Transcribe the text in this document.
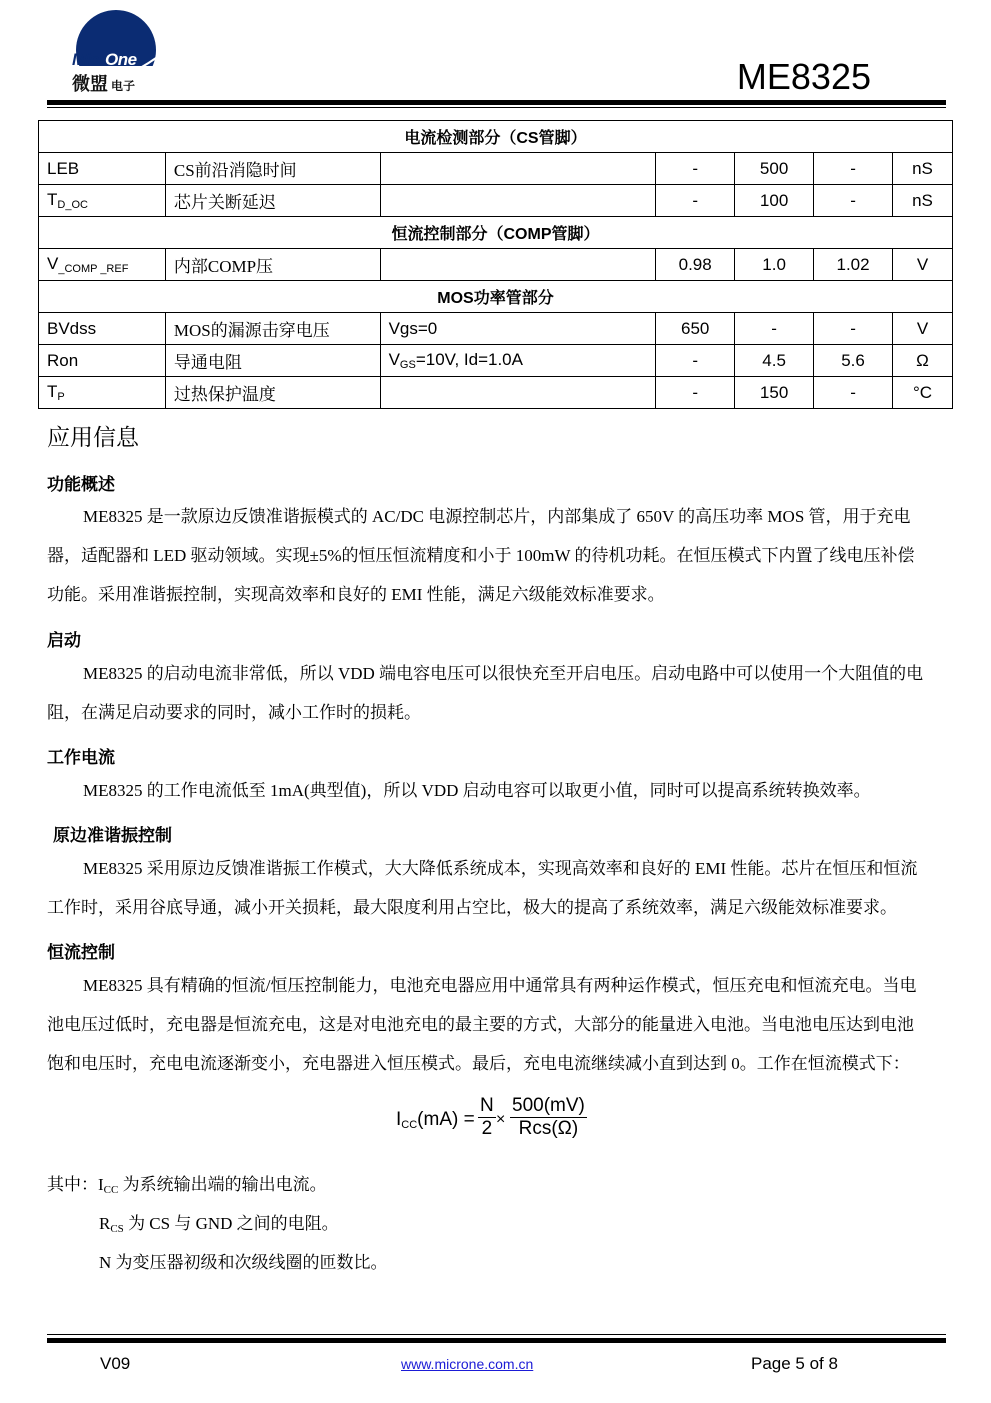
MicrOne
微盟 电子	ME8325
电流检测部分（CS管脚）						
LEB	CS前沿消隐时间		-	500	-	nS
$T_{D\_OC}$	芯片关断延迟		-	100	-	nS
恒流控制部分（COMP管脚）						
$V_{\_COMP \_REF}$	内部COMP压		0.98	1.0	1.02	V
MOS功率管部分						
BVdss	MOS的漏源击穿电压	Vgs=0	650	-	-	V
Ron	导通电阻	$V_{GS}=10V$, Id=1.0A	-	4.5	5.6	Ω
$T_P$	过热保护温度		-	150	-	°C
应用信息
功能概述
ME8325 是一款原边反馈准谐振模式的 AC/DC 电源控制芯片，内部集成了 650V 的高压功率 MOS 管，用于充电
器，适配器和 LED 驱动领域。实现±5%的恒压恒流精度和小于 100mW 的待机功耗。在恒压模式下内置了线电压补偿
功能。采用准谐振控制，实现高效率和良好的 EMI 性能，满足六级能效标准要求。
启动
ME8325 的启动电流非常低，所以 VDD 端电容电压可以很快充至开启电压。启动电路中可以使用一个大阻值的电
阻，在满足启动要求的同时，减小工作时的损耗。
工作电流
ME8325 的工作电流低至 1mA(典型值)，所以 VDD 启动电容可以取更小值，同时可以提高系统转换效率。
原边准谐振控制
ME8325 采用原边反馈准谐振工作模式，大大降低系统成本，实现高效率和良好的 EMI 性能。芯片在恒压和恒流
工作时，采用谷底导通，减小开关损耗，最大限度利用占空比，极大的提高了系统效率，满足六级能效标准要求。
恒流控制
ME8325 具有精确的恒流/恒压控制能力，电池充电器应用中通常具有两种运作模式，恒压充电和恒流充电。当电
池电压过低时，充电器是恒流充电，这是对电池充电的最主要的方式，大部分的能量进入电池。当电池电压达到电池
饱和电压时，充电电流逐渐变小，充电器进入恒压模式。最后，充电电流继续减小直到达到 0。工作在恒流模式下：
$I_{CC}(mA) = \frac{N}{2}$ ×
500(mV)
Rcs(Ω)
其中：$I_{CC}$ 为系统输出端的输出电流。
$R_{CS}$ 为 CS 与 GND 之间的电阻。
N 为变压器初级和次级线圈的匝数比。
V09	www.microne.com.cn	Page 5 of 8
